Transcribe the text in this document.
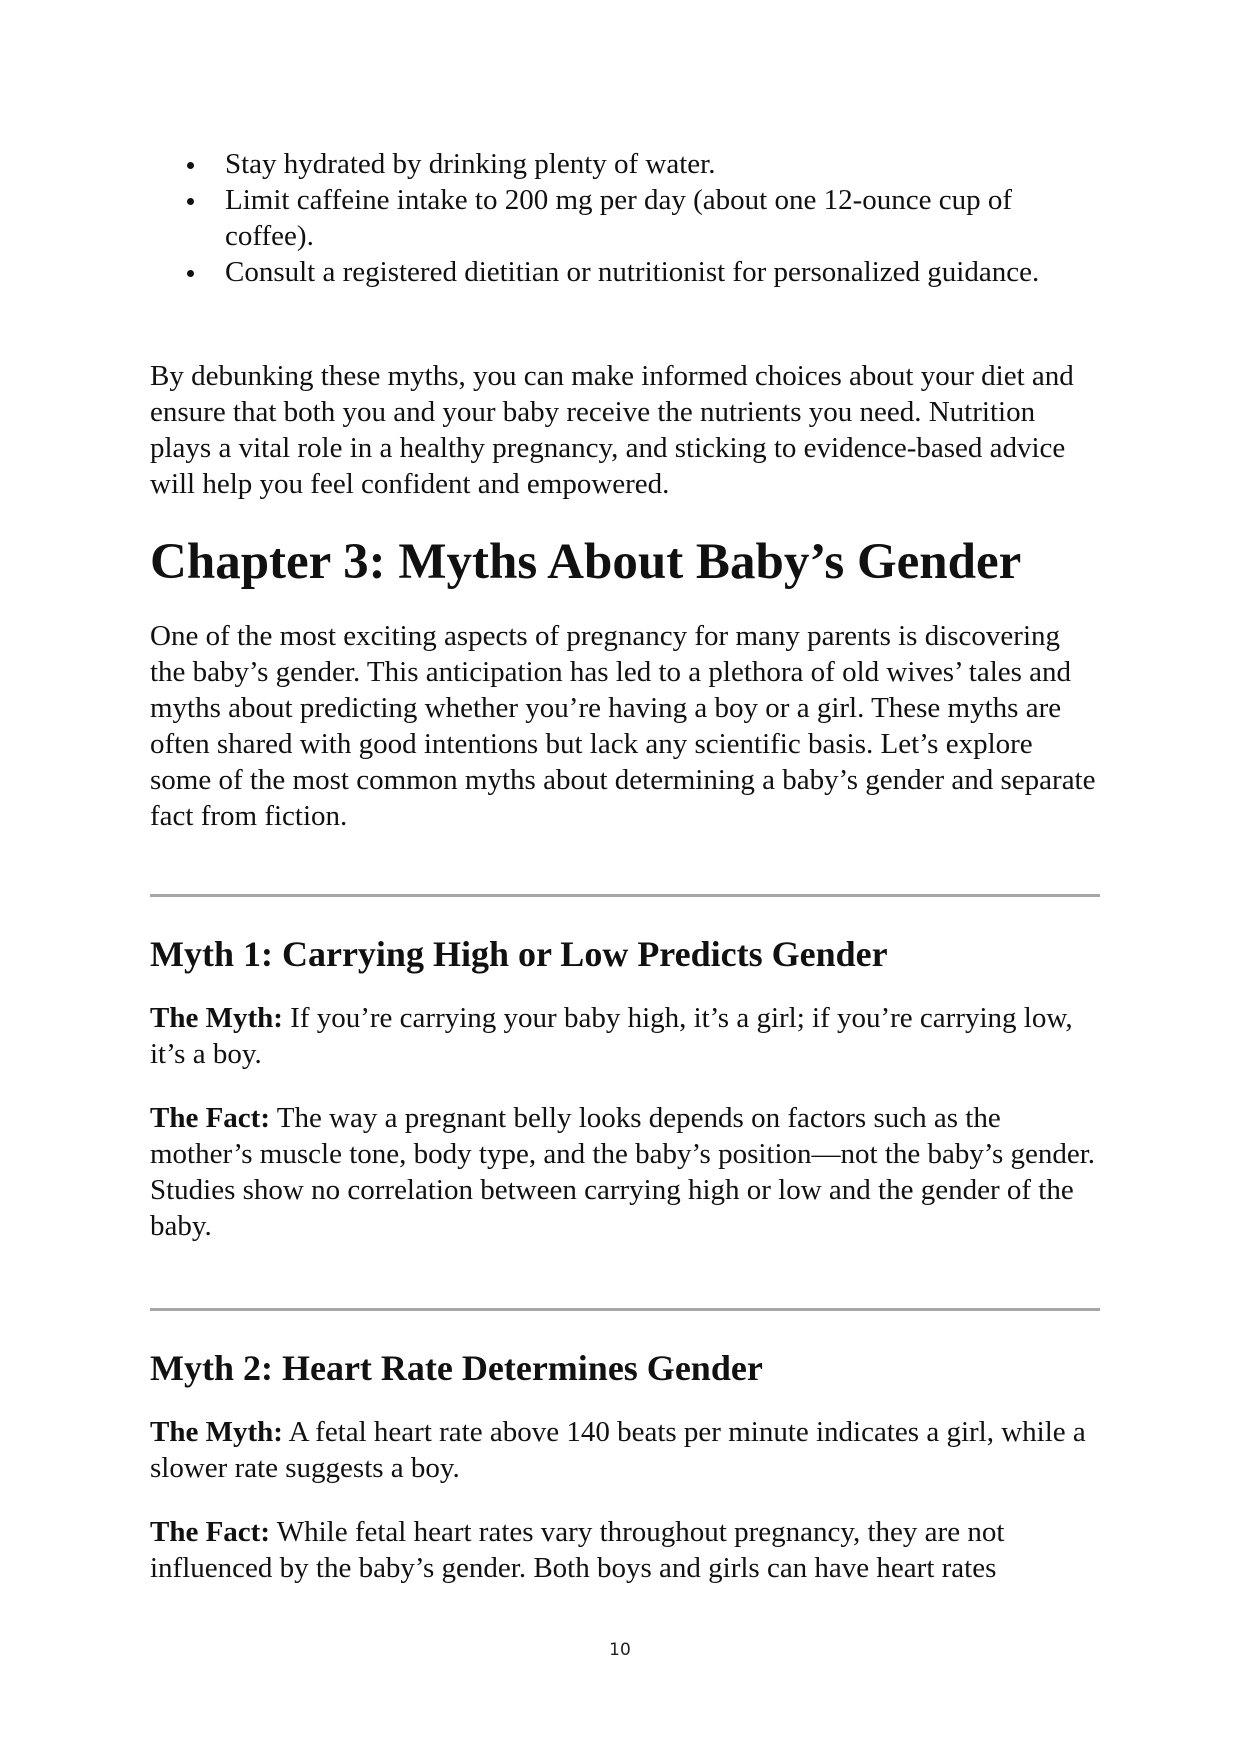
Stay hydrated by drinking plenty of water.
Limit caffeine intake to 200 mg per day (about one 12-ounce cup of coffee).
Consult a registered dietitian or nutritionist for personalized guidance.

By debunking these myths, you can make informed choices about your diet and ensure that both you and your baby receive the nutrients you need. Nutrition plays a vital role in a healthy pregnancy, and sticking to evidence-based advice will help you feel confident and empowered.

Chapter 3: Myths About Baby’s Gender

One of the most exciting aspects of pregnancy for many parents is discovering the baby’s gender. This anticipation has led to a plethora of old wives’ tales and myths about predicting whether you’re having a boy or a girl. These myths are often shared with good intentions but lack any scientific basis. Let’s explore some of the most common myths about determining a baby’s gender and separate fact from fiction.

Myth 1: Carrying High or Low Predicts Gender

The Myth: If you’re carrying your baby high, it’s a girl; if you’re carrying low, it’s a boy.

The Fact: The way a pregnant belly looks depends on factors such as the mother’s muscle tone, body type, and the baby’s position—not the baby’s gender. Studies show no correlation between carrying high or low and the gender of the baby.

Myth 2: Heart Rate Determines Gender

The Myth: A fetal heart rate above 140 beats per minute indicates a girl, while a slower rate suggests a boy.

The Fact: While fetal heart rates vary throughout pregnancy, they are not influenced by the baby’s gender. Both boys and girls can have heart rates

10
